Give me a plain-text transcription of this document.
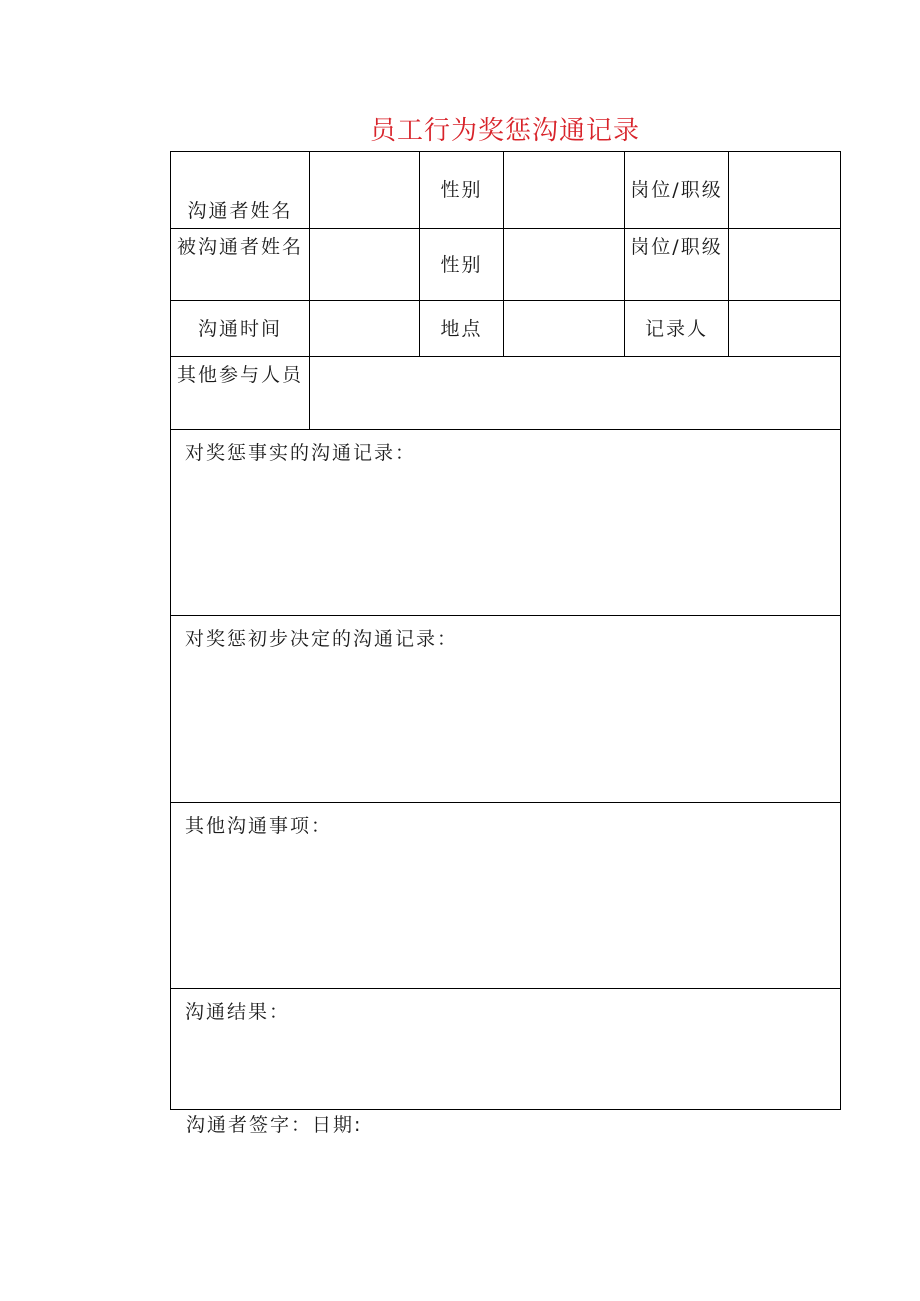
员工行为奖惩沟通记录
沟通者姓名		性别		岗位/职级	
被沟通者姓名		性别		岗位/职级	
沟通时间		地点		记录人	
其他参与人员					
对奖惩事实的沟通记录：					
对奖惩初步决定的沟通记录：					
其他沟通事项：					
沟通结果：					
沟通者签字：日期:
